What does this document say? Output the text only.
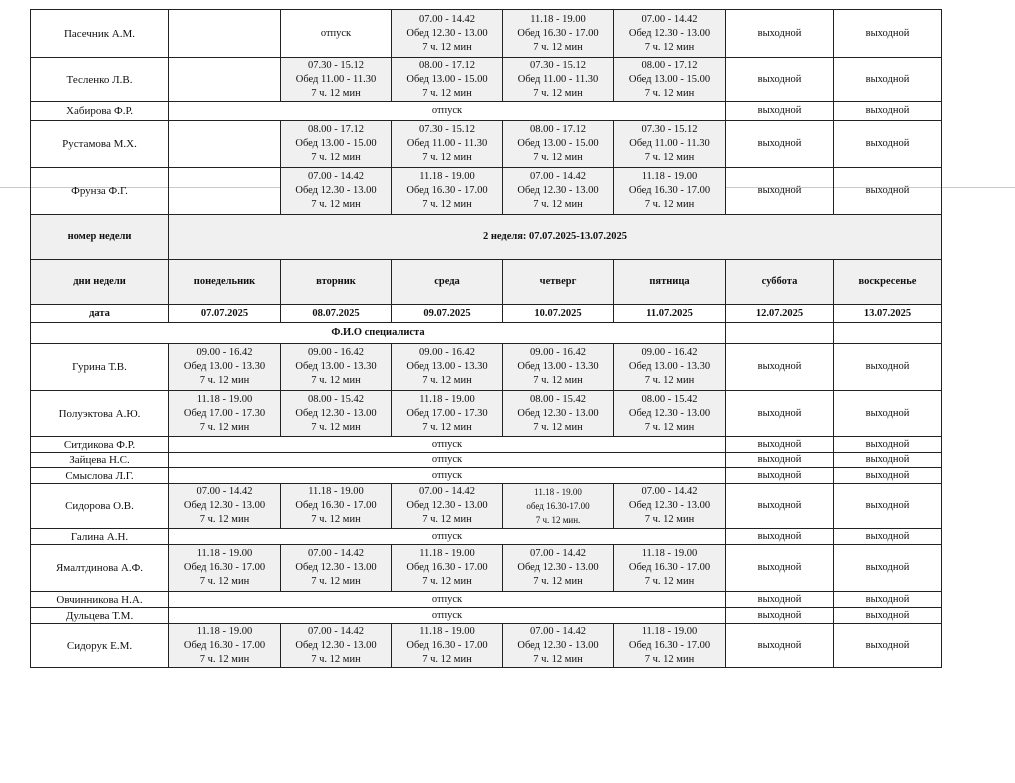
Пасечник А.М.		отпуск	07.00 - 14.42
Обед 12.30 - 13.00
7 ч. 12 мин	11.18 - 19.00
Обед 16.30 - 17.00
7 ч. 12 мин	07.00 - 14.42
Обед 12.30 - 13.00
7 ч. 12 мин	выходной	выходной
Тесленко Л.В.		07.30 - 15.12
Обед 11.00 - 11.30
7 ч. 12 мин	08.00 - 17.12
Обед 13.00 - 15.00
7 ч. 12 мин	07.30 - 15.12
Обед 11.00 - 11.30
7 ч. 12 мин	08.00 - 17.12
Обед 13.00 - 15.00
7 ч. 12 мин	выходной	выходной
Хабирова Ф.Р.	отпуск					выходной	выходной
Рустамова М.Х.		08.00 - 17.12
Обед 13.00 - 15.00
7 ч. 12 мин	07.30 - 15.12
Обед 11.00 - 11.30
7 ч. 12 мин	08.00 - 17.12
Обед 13.00 - 15.00
7 ч. 12 мин	07.30 - 15.12
Обед 11.00 - 11.30
7 ч. 12 мин	выходной	выходной
Фрунза Ф.Г.		07.00 - 14.42
Обед 12.30 - 13.00
7 ч. 12 мин	11.18 - 19.00
Обед 16.30 - 17.00
7 ч. 12 мин	07.00 - 14.42
Обед 12.30 - 13.00
7 ч. 12 мин	11.18 - 19.00
Обед 16.30 - 17.00
7 ч. 12 мин	выходной	выходной
номер недели	2 неделя: 07.07.2025-13.07.2025						
дни недели	понедельник	вторник	среда	четверг	пятница	суббота	воскресенье
дата	07.07.2025	08.07.2025	09.07.2025	10.07.2025	11.07.2025	12.07.2025	13.07.2025
Ф.И.О специалиста							
Гурина Т.В.	09.00 - 16.42
Обед 13.00 - 13.30
7 ч. 12 мин	09.00 - 16.42
Обед 13.00 - 13.30
7 ч. 12 мин	09.00 - 16.42
Обед 13.00 - 13.30
7 ч. 12 мин	09.00 - 16.42
Обед 13.00 - 13.30
7 ч. 12 мин	09.00 - 16.42
Обед 13.00 - 13.30
7 ч. 12 мин	выходной	выходной
Полуэктова А.Ю.	11.18 - 19.00
Обед 17.00 - 17.30
7 ч. 12 мин	08.00 - 15.42
Обед 12.30 - 13.00
7 ч. 12 мин	11.18 - 19.00
Обед 17.00 - 17.30
7 ч. 12 мин	08.00 - 15.42
Обед 12.30 - 13.00
7 ч. 12 мин	08.00 - 15.42
Обед 12.30 - 13.00
7 ч. 12 мин	выходной	выходной
Ситдикова Ф.Р.	отпуск					выходной	выходной
Зайцева Н.С.	отпуск					выходной	выходной
Смыслова Л.Г.	отпуск					выходной	выходной
Сидорова О.В.	07.00 - 14.42
Обед 12.30 - 13.00
7 ч. 12 мин	11.18 - 19.00
Обед 16.30 - 17.00
7 ч. 12 мин	07.00 - 14.42
Обед 12.30 - 13.00
7 ч. 12 мин	11.18 - 19.00
обед 16.30-17.00
7 ч. 12 мин.	07.00 - 14.42
Обед 12.30 - 13.00
7 ч. 12 мин	выходной	выходной
Галина А.Н.	отпуск					выходной	выходной
Ямалтдинова А.Ф.	11.18 - 19.00
Обед 16.30 - 17.00
7 ч. 12 мин	07.00 - 14.42
Обед 12.30 - 13.00
7 ч. 12 мин	11.18 - 19.00
Обед 16.30 - 17.00
7 ч. 12 мин	07.00 - 14.42
Обед 12.30 - 13.00
7 ч. 12 мин	11.18 - 19.00
Обед 16.30 - 17.00
7 ч. 12 мин	выходной	выходной
Овчинникова Н.А.	отпуск					выходной	выходной
Дульцева Т.М.	отпуск					выходной	выходной
Сидорук Е.М.	11.18 - 19.00
Обед 16.30 - 17.00
7 ч. 12 мин	07.00 - 14.42
Обед 12.30 - 13.00
7 ч. 12 мин	11.18 - 19.00
Обед 16.30 - 17.00
7 ч. 12 мин	07.00 - 14.42
Обед 12.30 - 13.00
7 ч. 12 мин	11.18 - 19.00
Обед 16.30 - 17.00
7 ч. 12 мин	выходной	выходной
